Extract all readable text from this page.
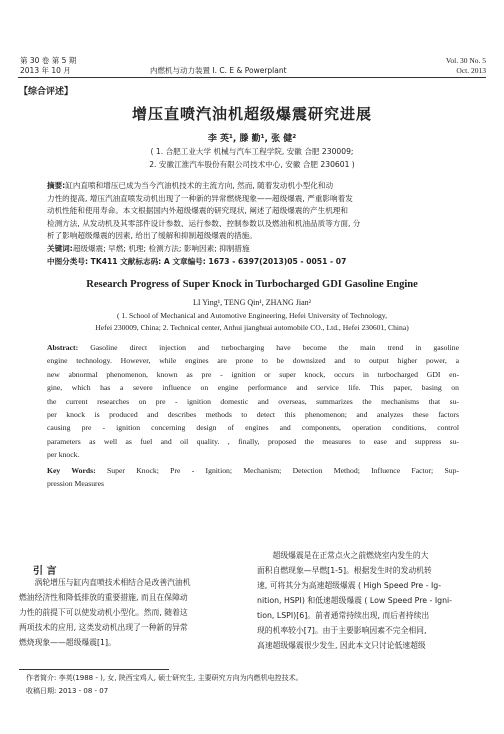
第 30 卷 第 5 期
2013 年 10 月	内燃机与动力装置 I. C. E & Powerplant
Vol. 30 No. 5
Oct. 2013
【综合评述】
增压直喷汽油机超级爆震研究进展
李 英¹, 滕 勤¹, 张 健²
( 1. 合肥工业大学 机械与汽车工程学院, 安徽 合肥 230009;
2. 安徽江淮汽车股份有限公司技术中心, 安徽 合肥 230601 )
摘要:缸内直喷和增压已成为当今汽油机技术的主流方向, 然而, 随着发动机小型化和动
力性的提高, 增压汽油直喷发动机出现了一种新的异常燃烧现象——超级爆震, 严重影响着发
动机性能和使用寿命。本文根据国内外超级爆震的研究现状, 阐述了超级爆震的产生机理和
检测方法, 从发动机及其零部件设计参数、运行参数、控制参数以及燃油和机油品质等方面, 分
析了影响超级爆震的因素, 给出了缓解和抑制超级爆震的措施。
关键词:超级爆震; 早燃; 机理; 检测方法; 影响因素; 抑制措施
中图分类号: TK411 文献标志码: A 文章编号: 1673 - 6397(2013)05 - 0051 - 07
Research Progress of Super Knock in Turbocharged GDI Gasoline Engine
LI Ying¹, TENG Qin¹, ZHANG Jian²
( 1. School of Mechanical and Automotive Engineering, Hefei University of Technology,
Hefei 230009, China; 2. Technical center, Anhui jianghuai automobile CO., Ltd., Hefei 230601, China)
Abstract: Gasoline direct injection and turbocharging have become the main trend in gasoline
engine technology. However, while engines are prone to be downsized and to output higher power, a
new abnormal phenomenon, known as pre - ignition or super knock, occurs in turbocharged GDI en-
gine, which has a severe influence on engine performance and service life. This paper, basing on
the current researches on pre - ignition domestic and overseas, summarizes the mechanisms that su-
per knock is produced and describes methods to detect this phenomenon; and analyzes these factors
causing pre - ignition concerning design of engines and components, operation conditions, control
parameters as well as fuel and oil quality. , finally, proposed the measures to ease and suppress su-
per knock.
Key Words: Super Knock; Pre - Ignition; Mechanism; Detection Method; Influence Factor; Sup-
pression Measures
引 言
涡轮增压与缸内直喷技术相结合是改善汽油机
燃油经济性和降低排放的重要措施, 而且在保障动
力性的前提下可以使发动机小型化。然而, 随着这
两项技术的应用, 这类发动机出现了一种新的异常
燃烧现象——超级爆震[1]。
超级爆震是在正常点火之前燃烧室内发生的大
面积自燃现象—早燃[1-5]。根据发生时的发动机转
速, 可将其分为高速超级爆震 ( High Speed Pre - Ig-
nition, HSPI) 和低速超级爆震 ( Low Speed Pre - Igni-
tion, LSPI)[6]。前者通常持续出现, 而后者持续出
现的机率较小[7]。由于主要影响因素不完全相同,
高速超级爆震很少发生, 因此本文只讨论低速超级
作者简介: 李英(1988 - ), 女, 陕西宝鸡人, 硕士研究生, 主要研究方向为内燃机电控技术。
收稿日期: 2013 - 08 - 07
